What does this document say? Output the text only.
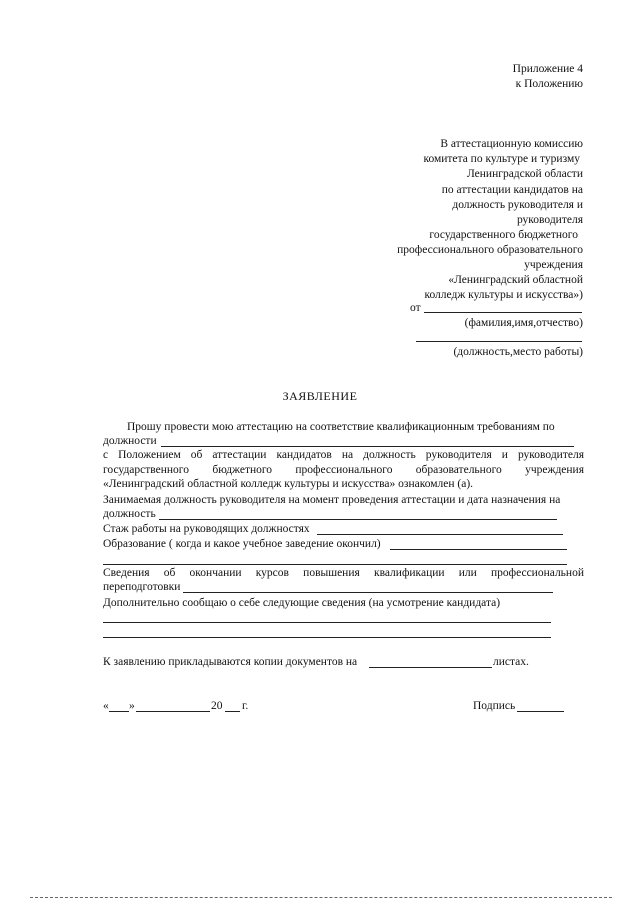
Приложение 4
к Положению
В аттестационную комиссию
комитета по культуре и туризму
Ленинградской области
по аттестации кандидатов на
должность руководителя и
руководителя
государственного бюджетного
профессионального образовательного
учреждения
«Ленинградский областной
колледж культуры и искусства»)
от
(фамилия,имя,отчество)
(должность,место работы)
ЗАЯВЛЕНИЕ
Прошу провести мою аттестацию на соответствие квалификационным требованиям по
должности
с Положением об аттестации кандидатов на должность руководителя и руководителя
государственного бюджетного профессионального образовательного учреждения
«Ленинградский областной колледж культуры и искусства» ознакомлен (а).
Занимаемая должность руководителя на момент проведения аттестации и дата назначения на
должность
Стаж работы на руководящих должностях
Образование ( когда и какое учебное заведение окончил)
Сведения об окончании курсов повышения квалификации или профессиональной
переподготовки
Дополнительно сообщаю о себе следующие сведения (на усмотрение кандидата)
К заявлению прикладываются копии документов на	листах.
« »	20 г.	Подпись
